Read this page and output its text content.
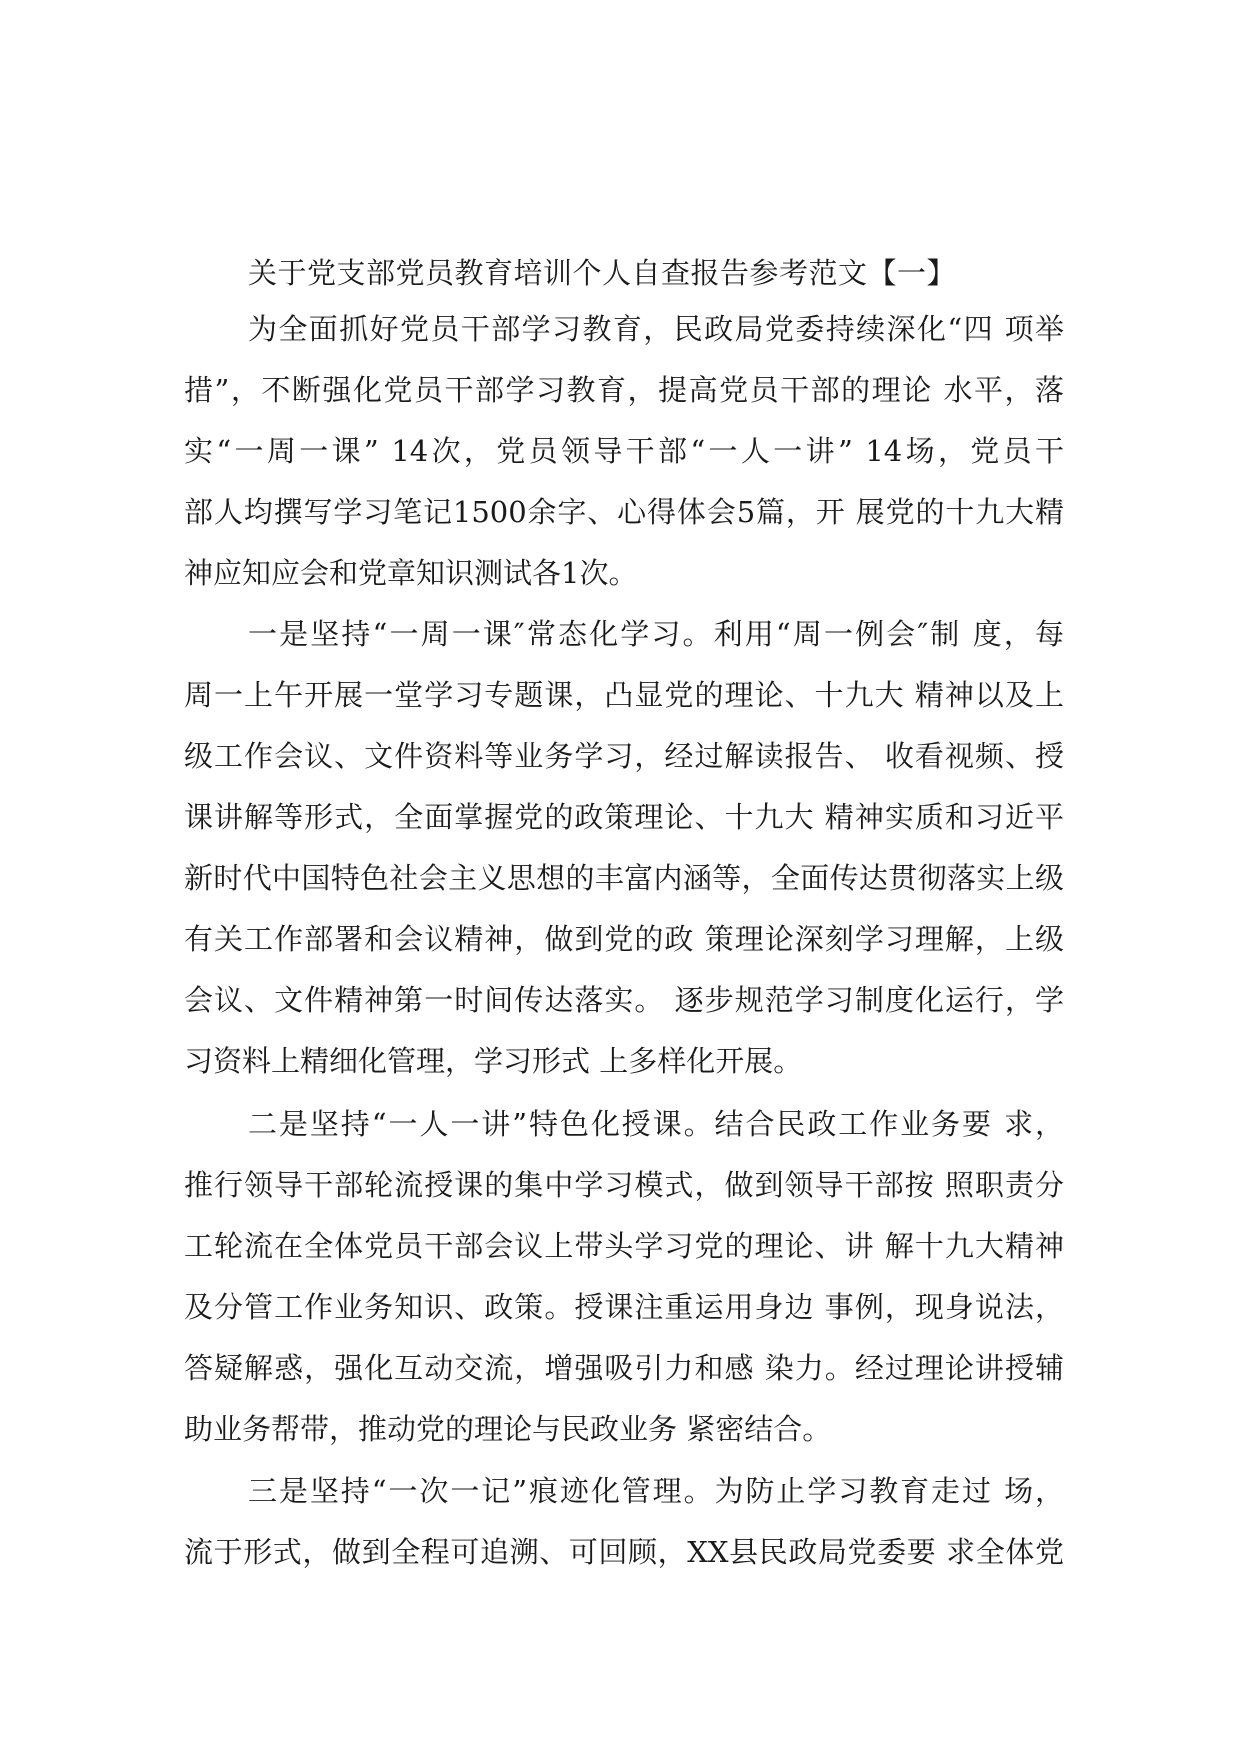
关于党支部党员教育培训个人自查报告参考范文【一】
为全面抓好党员干部学习教育，民政局党委持续深化“四 项举
措”，不断强化党员干部学习教育，提高党员干部的理论 水平，落
实“一周一课” 14次，党员领导干部“一人一讲” 14场，党员干
部人均撰写学习笔记1500余字、心得体会5篇，开 展党的十九大精
神应知应会和党章知识测试各1次。
一是坚持“一周一课″常态化学习。利用“周一例会″制 度，每
周一上午开展一堂学习专题课，凸显党的理论、十九大 精神以及上
级工作会议、文件资料等业务学习，经过解读报告、 收看视频、授
课讲解等形式，全面掌握党的政策理论、十九大 精神实质和习近平
新时代中国特色社会主义思想的丰富内涵等，全面传达贯彻落实上级
有关工作部署和会议精神，做到党的政 策理论深刻学习理解，上级
会议、文件精神第一时间传达落实。 逐步规范学习制度化运行，学
习资料上精细化管理，学习形式 上多样化开展。
二是坚持“一人一讲”特色化授课。结合民政工作业务要 求，
推行领导干部轮流授课的集中学习模式，做到领导干部按 照职责分
工轮流在全体党员干部会议上带头学习党的理论、讲 解十九大精神
及分管工作业务知识、政策。授课注重运用身边 事例，现身说法，
答疑解惑，强化互动交流，增强吸引力和感 染力。经过理论讲授辅
助业务帮带，推动党的理论与民政业务 紧密结合。
三是坚持“一次一记”痕迹化管理。为防止学习教育走过 场，
流于形式，做到全程可追溯、可回顾，XX县民政局党委要 求全体党
